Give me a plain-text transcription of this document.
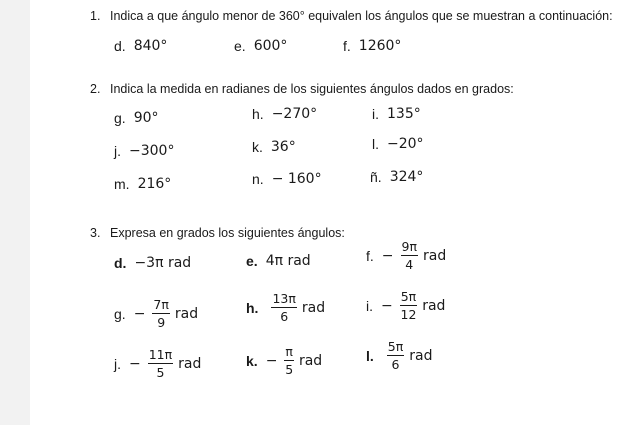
1. Indica a que ángulo menor de 360° equivalen los ángulos que se muestran a continuación:
d. 840°	e. 600°	f. 1260°
2. Indica la medida en radianes de los siguientes ángulos dados en grados:
g. 90°	h. −270°	i. 135°
j. −300°	k. 36°	l. −20°
m. 216°	n. − 160°	ñ. 324°
3. Expresa en grados los siguientes ángulos:
d. −3π rad	e. 4π rad	f. − $\frac{9\pi}{4}$ rad
g. − $\frac{7\pi}{9}$ rad	h. $\frac{13\pi}{6}$ rad	i. − $\frac{5\pi}{12}$ rad
j. − $\frac{11\pi}{5}$ rad	k. − $\frac{\pi}{5}$ rad	l. $\frac{5\pi}{6}$ rad
